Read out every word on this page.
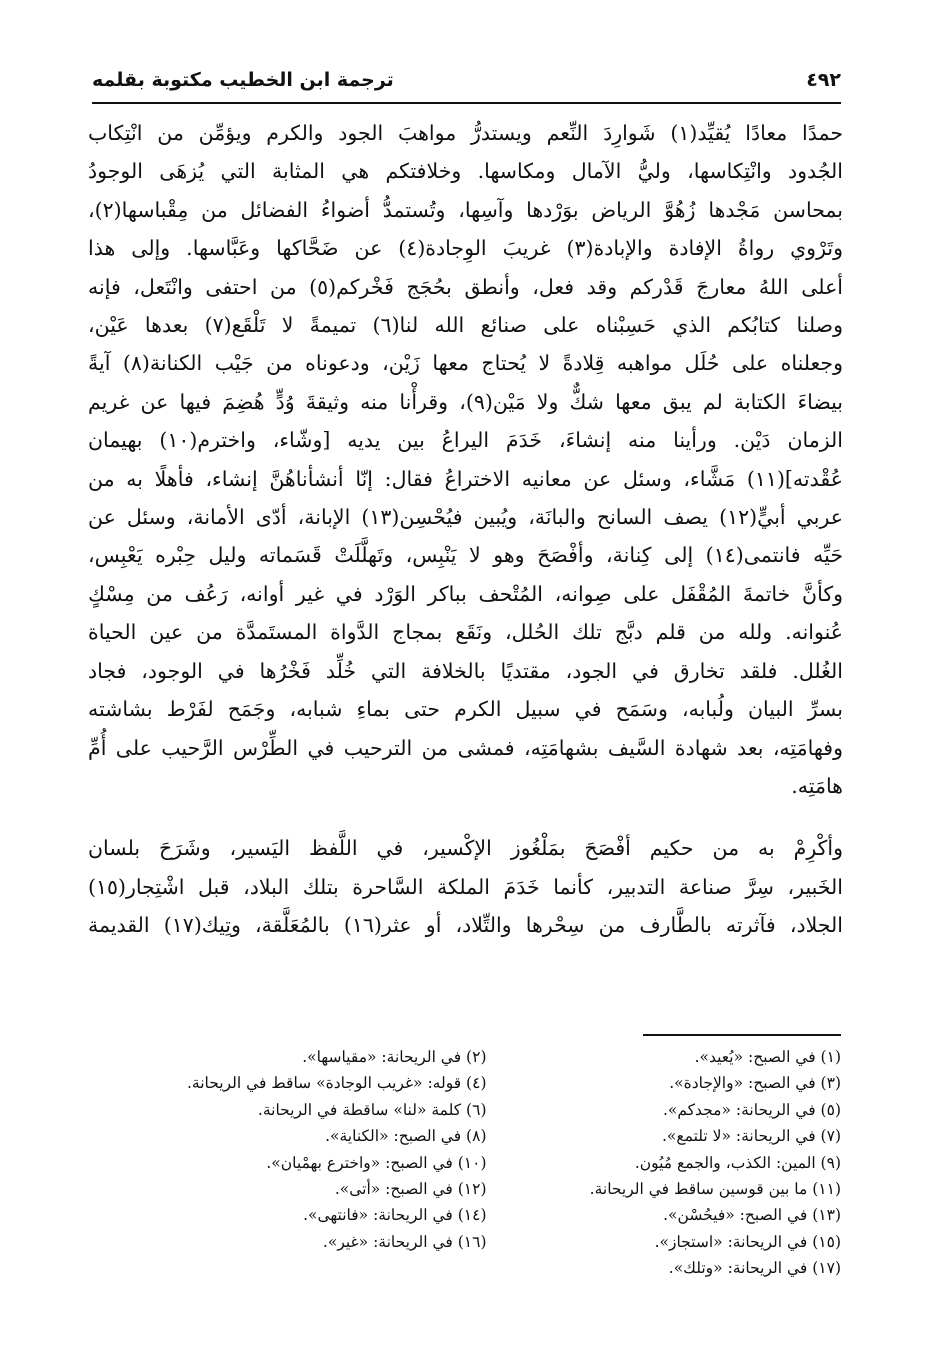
٤٩٢
ترجمة ابن الخطيب مكتوبة بقلمه

حمدًا معادًا يُقيِّد(١) شَوارِدَ النِّعم ويستدرُّ مواهبَ الجود والكرم ويؤمِّن من انْتِكاب

الجُدود وانْتِكاسها، وليُّ الآمال ومكاسها. وخلافتكم هي المثابة التي يُزهَى الوجودُ

بمحاسن مَجْدها زُهُوَّ الرياض بوَرْدها وآسِها، وتُستمدُّ أضواءُ الفضائل من مِقْباسها(٢)،

وتَرْوي رواةُ الإفادة والإبادة(٣) غريبَ الوِجادة(٤) عن ضَحَّاكها وعَبَّاسها. وإلى هذا

أعلى اللهُ معارجَ قَدْركم وقد فعل، وأنطق بحُجَج فَخْركم(٥) من احتفى وانْتَعل، فإنه

وصلنا كتابُكم الذي حَسِبْناه على صنائع الله لنا(٦) تميمةً لا تَلْقَع(٧) بعدها عَيْن،

وجعلناه على حُلَل مواهبه قِلادةً لا يُحتاج معها زَيْن، ودعوناه من جَيْب الكنانة(٨) آيةً

بيضاءَ الكتابة لم يبق معها شكٌّ ولا مَيْن(٩)، وقرأْنا منه وثيقةَ وُدٍّ هُضِمَ فيها عن غريم

الزمان دَيْن. ورأينا منه إنشاءَ، خَدَمَ اليراعُ بين يديه [وشّاء، واخترم(١٠) بهيمان

عُقْدته](١١) مَشَّاء، وسئل عن معانيه الاختراعُ فقال: إنّا أنشأناهُنَّ إنشاء، فأهلًا به من

عربي أبيٍّ(١٢) يصف السانح والبانَة، ويُبين فيُحْسِن(١٣) الإبانة، أدّى الأمانة، وسئل عن

حَيِّه فانتمى(١٤) إلى كِنانة، وأفْصَحَ وهو لا يَنْبِس، وتَهلَّلَتْ قَسَماته وليل حِبْره يَعْبِس،

وكأنَّ خاتمةَ المُقْفَل على صِوانه، المُتْحف بباكر الوَرْد في غير أوانه، رَعُف من مِسْكٍ

عُنوانه. ولله من قلم دبَّج تلك الحُلل، ونَقَع بمجاج الدَّواة المستَمدَّة من عين الحياة

الغُلل. فلقد تخارق في الجود، مقتديًا بالخلافة التي خُلِّد فَخْرُها في الوجود، فجاد

بسرِّ البيان ولُبابه، وسَمَح في سبيل الكرم حتى بماءِ شبابه، وجَمَح لفَرْط بشاشته

وفهامَتِه، بعد شهادة السَّيف بشهامَتِه، فمشى من الترحيب في الطِّرْس الرَّحيب على أُمِّ

هامَتِه.

وأكْرِمْ به من حكيم أفْصَحَ بمَلْغُوز الإكْسير، في اللَّفظ اليَسير، وشَرَحَ بلسان

الخَبير، سِرَّ صناعة التدبير، كأنما خَدَمَ الملكة السَّاحرة بتلك البلاد، قبل اشْتِجار(١٥)

الجلاد، فآثرته بالطَّارف من سِحْرها والتِّلاد، أو عثر(١٦) بالمُعَلَّقة، وتِيك(١٧) القديمة

(١) في الصبح: «يُعيد».
(٣) في الصبح: «والإجادة».
(٥) في الريحانة: «مجدكم».
(٧) في الريحانة: «لا تلتمع».
(٩) المين: الكذب، والجمع مُيُون.
(١١) ما بين قوسين ساقط في الريحانة.
(١٣) في الصبح: «فيحُسْن».
(١٥) في الريحانة: «استجاز».
(١٧) في الريحانة: «وتلك».
(٢) في الريحانة: «مقياسها».
(٤) قوله: «غريب الوجادة» ساقط في الريحانة.
(٦) كلمة «لنا» ساقطة في الريحانة.
(٨) في الصبح: «الكناية».
(١٠) في الصبح: «واخترع بهمْيان».
(١٢) في الصبح: «أتى».
(١٤) في الريحانة: «فانتهى».
(١٦) في الريحانة: «غير».
